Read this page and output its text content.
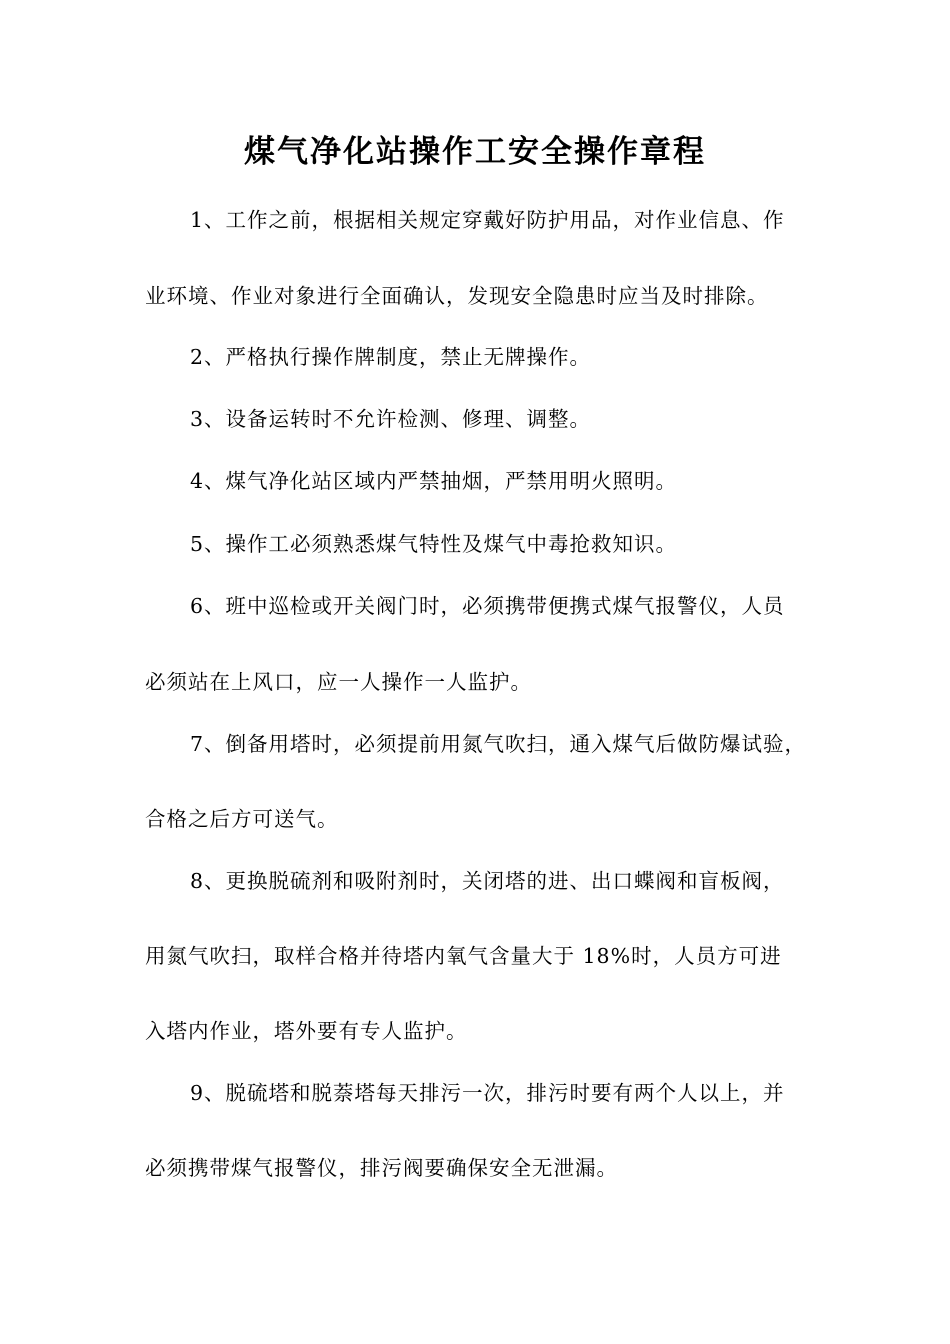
煤气净化站操作工安全操作章程

1、工作之前，根据相关规定穿戴好防护用品，对作业信息、作

业环境、作业对象进行全面确认，发现安全隐患时应当及时排除。

2、严格执行操作牌制度，禁止无牌操作。

3、设备运转时不允许检测、修理、调整。

4、煤气净化站区域内严禁抽烟，严禁用明火照明。

5、操作工必须熟悉煤气特性及煤气中毒抢救知识。

6、班中巡检或开关阀门时，必须携带便携式煤气报警仪，人员

必须站在上风口，应一人操作一人监护。

7、倒备用塔时，必须提前用氮气吹扫，通入煤气后做防爆试验，

合格之后方可送气。

8、更换脱硫剂和吸附剂时，关闭塔的进、出口蝶阀和盲板阀，

用氮气吹扫，取样合格并待塔内氧气含量大于 18%时，人员方可进

入塔内作业，塔外要有专人监护。

9、脱硫塔和脱萘塔每天排污一次，排污时要有两个人以上，并

必须携带煤气报警仪，排污阀要确保安全无泄漏。
